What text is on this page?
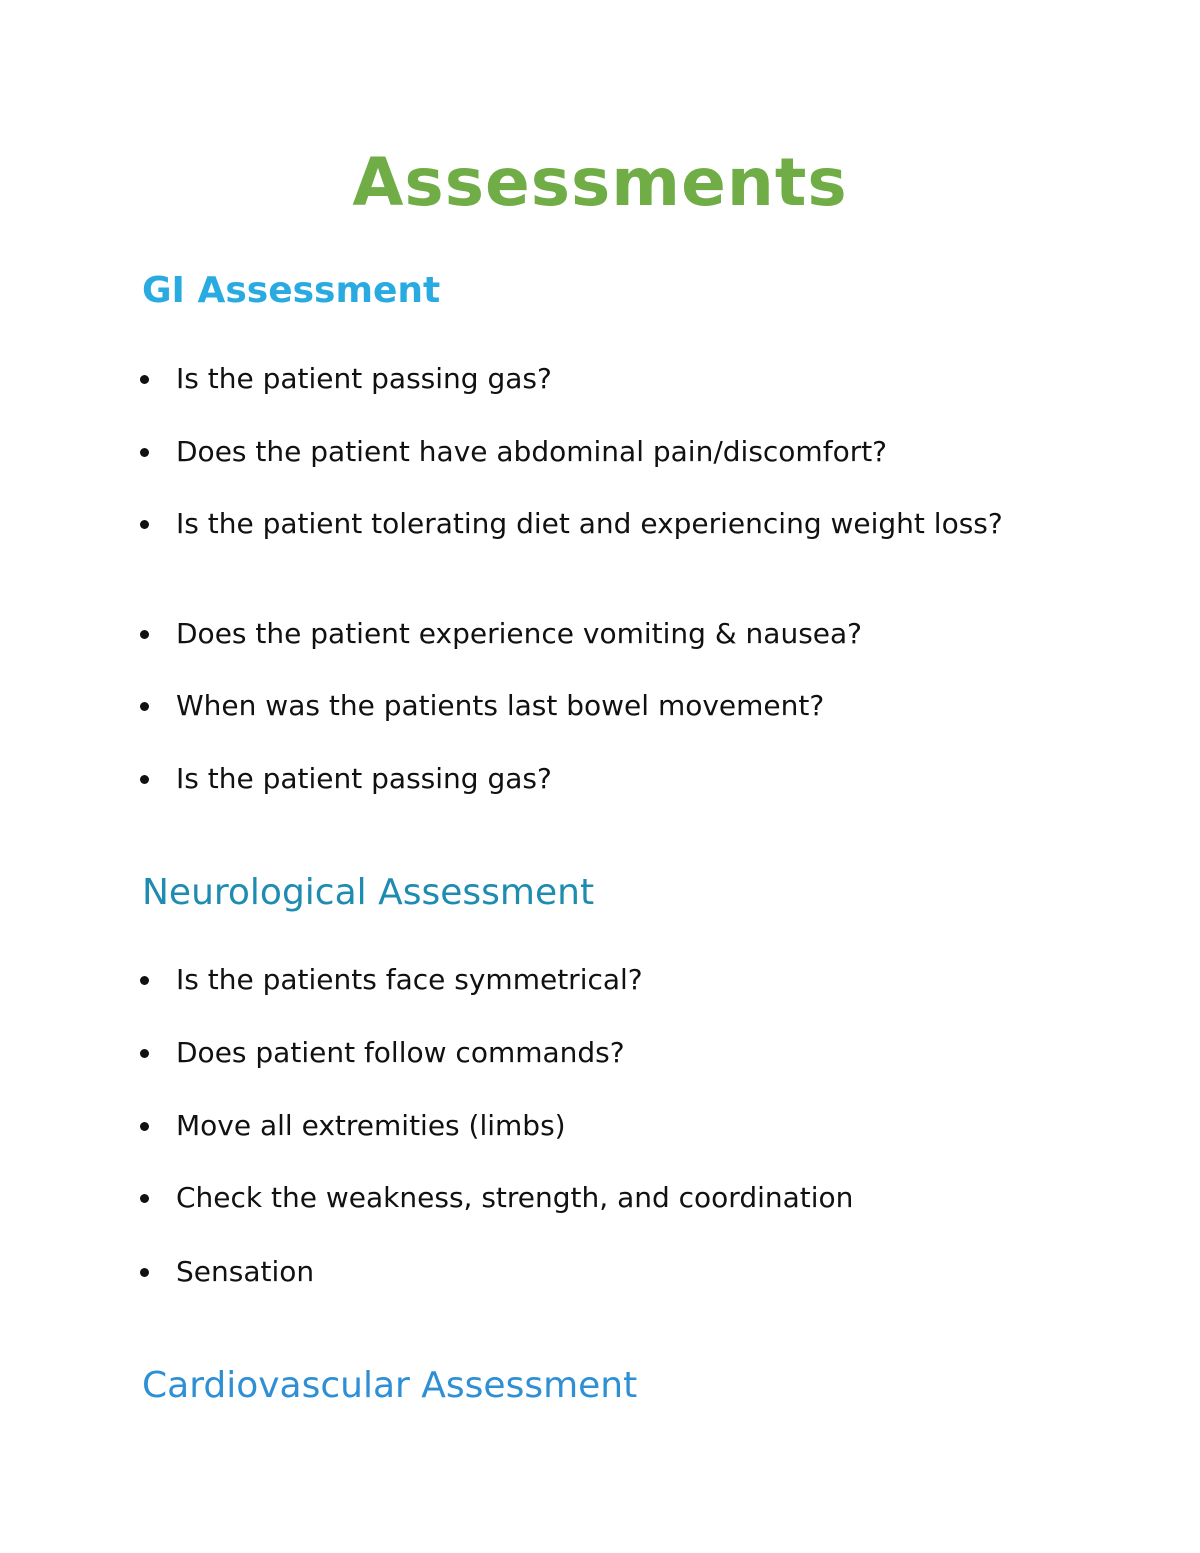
Assessments
GI Assessment
Is the patient passing gas?
Does the patient have abdominal pain/discomfort?
Is the patient tolerating diet and experiencing weight loss?
Does the patient experience vomiting & nausea?
When was the patients last bowel movement?
Is the patient passing gas?
Neurological Assessment
Is the patients face symmetrical?
Does patient follow commands?
Move all extremities (limbs)
Check the weakness, strength, and coordination
Sensation
Cardiovascular Assessment
